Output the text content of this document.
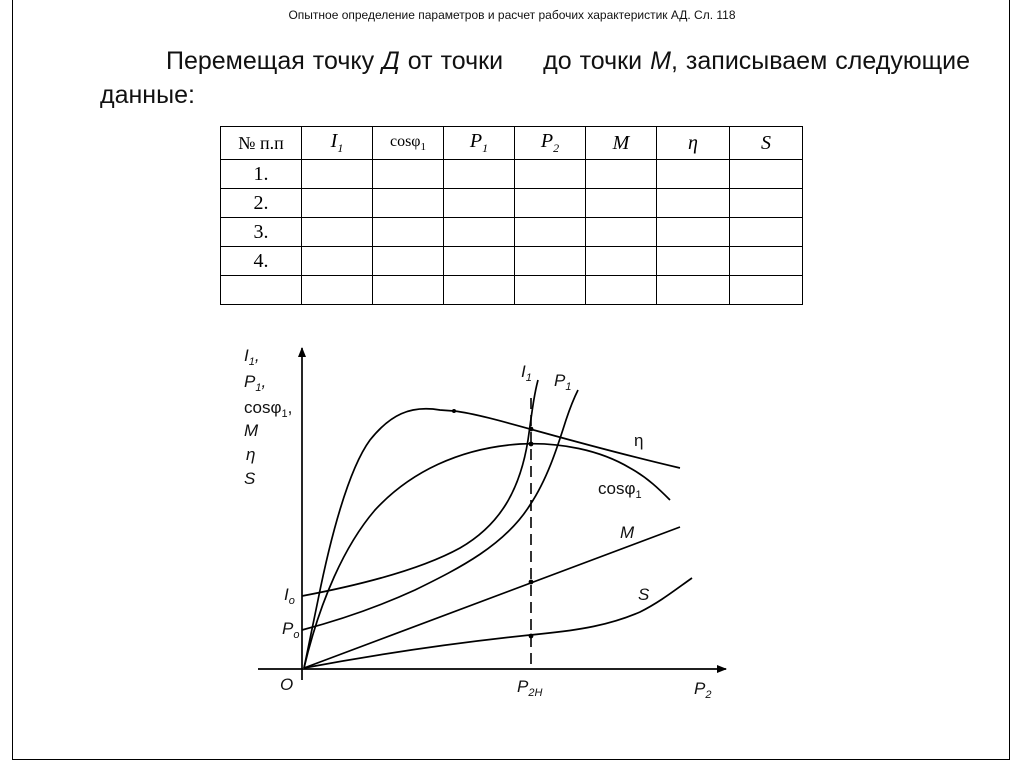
Опытное определение параметров и расчет рабочих характеристик АД. Сл. 118
Перемещая точку Д от точки  до точки М, записываем следующие данные:
№ п.п	$I_1$	cosφ$_1$	$P_1$	$P_2$	M	η	S
1.							
2.							
3.							
4.							

$I_1$,
$P_1$,
cosφ$_1$,
M
η
S
O
$I_o$
$P_o$
$P_{2Н}$	$P_2$
$I_1$ $P_1$
η
cosφ$_1$
M
S
